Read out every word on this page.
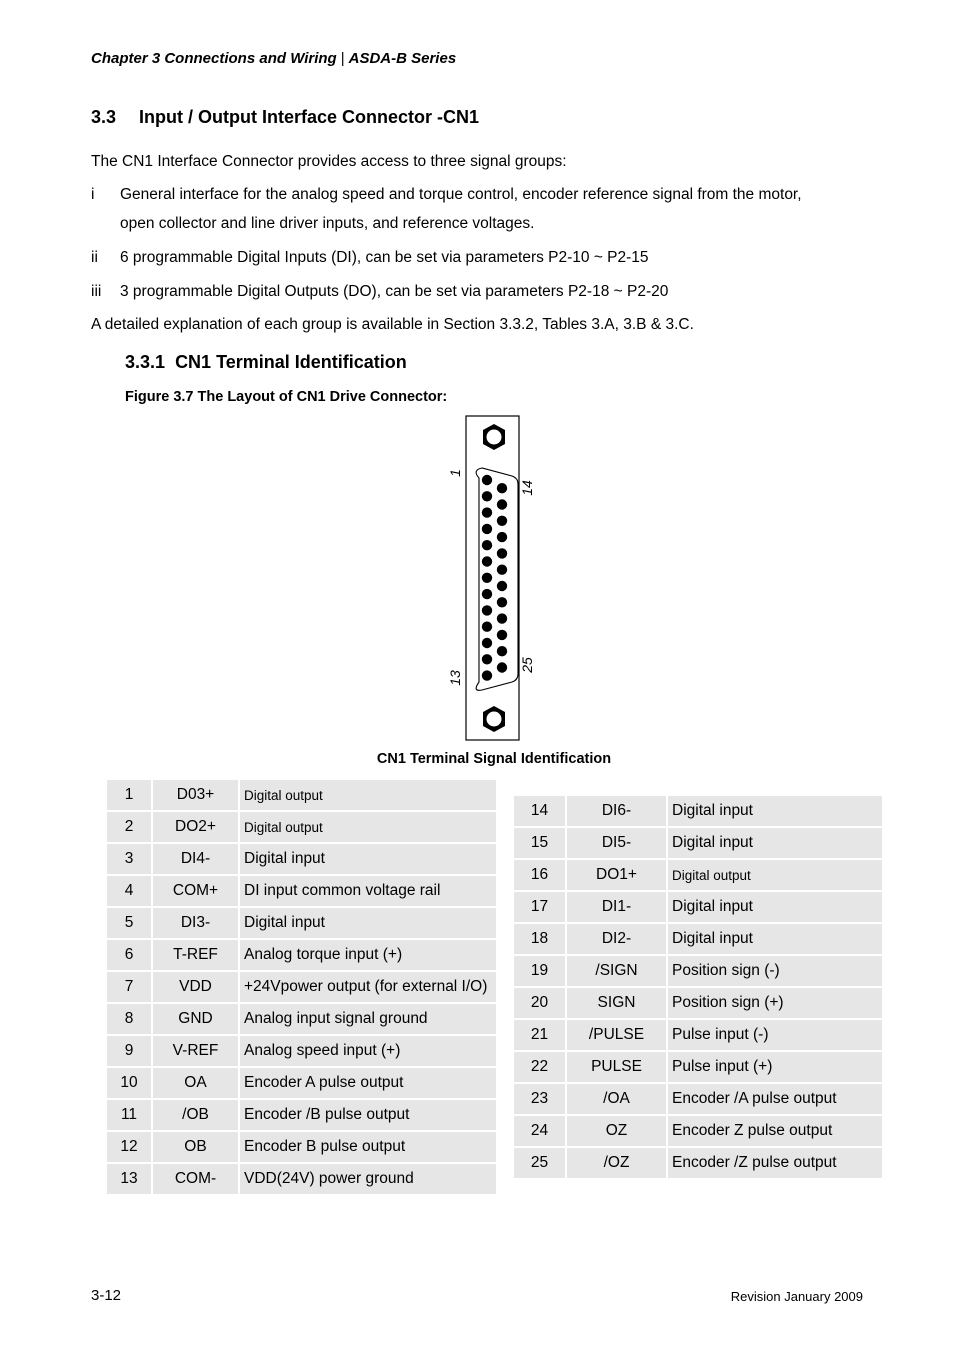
Chapter 3 Connections and Wiring | ASDA-B Series
3.3 Input / Output Interface Connector -CN1
The CN1 Interface Connector provides access to three signal groups:
i General interface for the analog speed and torque control, encoder reference signal from the motor,
open collector and line driver inputs, and reference voltages.
ii 6 programmable Digital Inputs (DI), can be set via parameters P2-10 ~ P2-15
iii 3 programmable Digital Outputs (DO), can be set via parameters P2-18 ~ P2-20
A detailed explanation of each group is available in Section 3.3.2, Tables 3.A, 3.B & 3.C.
3.3.1 CN1 Terminal Identification
Figure 3.7 The Layout of CN1 Drive Connector:
1
14
13
25
CN1 Terminal Signal Identification
1	D03+	Digital output
2	DO2+	Digital output
3	DI4-	Digital input
4	COM+	DI input common voltage rail
5	DI3-	Digital input
6	T-REF	Analog torque input (+)
7	VDD	+24Vpower output (for external I/O)
8	GND	Analog input signal ground
9	V-REF	Analog speed input (+)
10	OA	Encoder A pulse output
11	/OB	Encoder /B pulse output
12	OB	Encoder B pulse output
13	COM-	VDD(24V) power ground
14	DI6-	Digital input
15	DI5-	Digital input
16	DO1+	Digital output
17	DI1-	Digital input
18	DI2-	Digital input
19	/SIGN	Position sign (-)
20	SIGN	Position sign (+)
21	/PULSE	Pulse input (-)
22	PULSE	Pulse input (+)
23	/OA	Encoder /A pulse output
24	OZ	Encoder Z pulse output
25	/OZ	Encoder /Z pulse output
3-12	Revision January 2009
